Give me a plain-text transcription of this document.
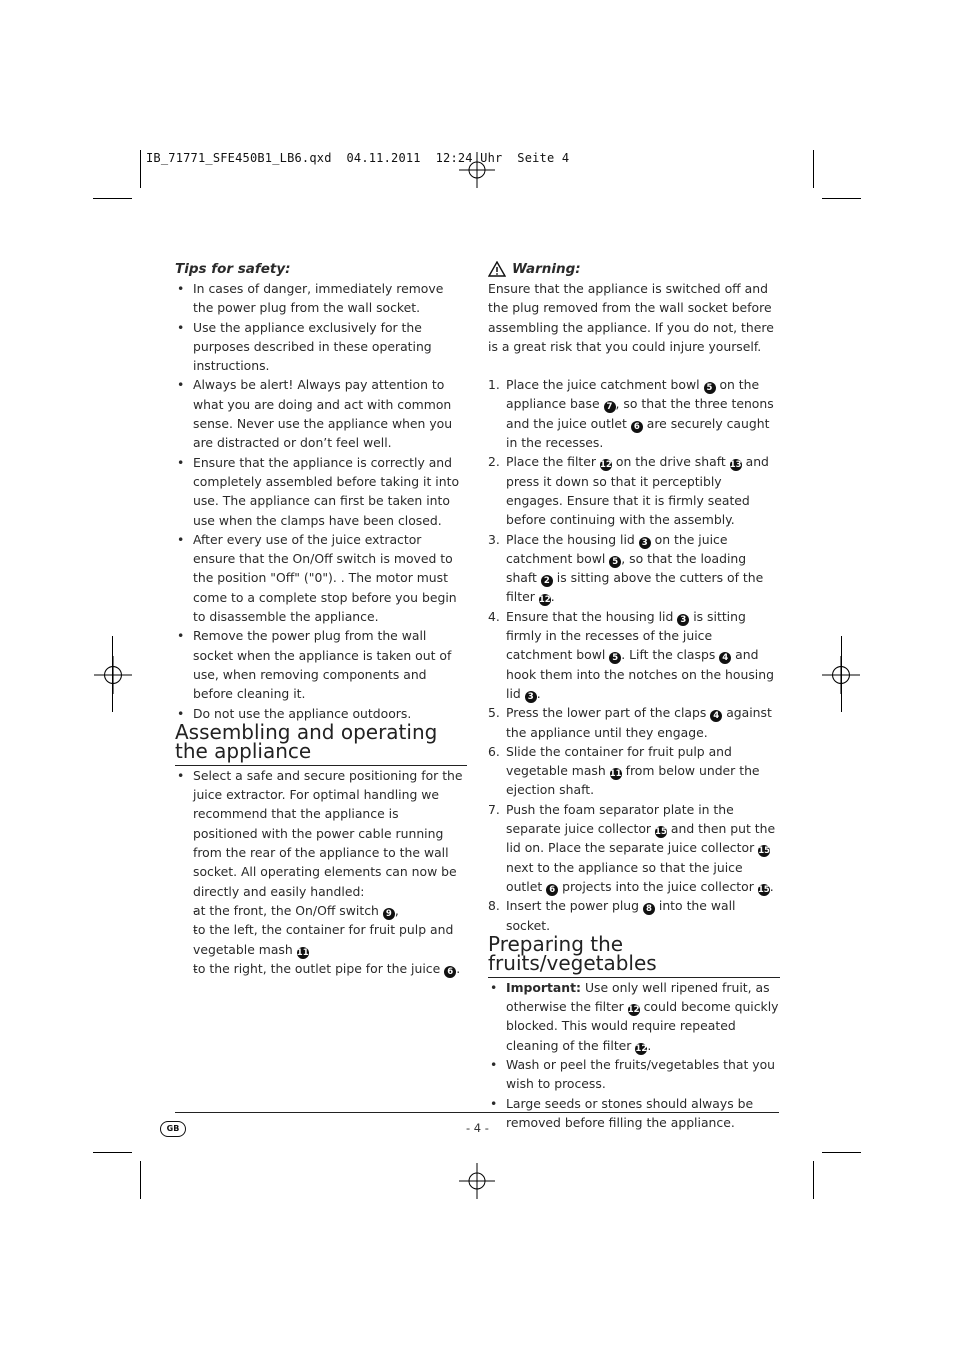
IB_71771_SFE450B1_LB6.qxd 04.11.2011 12:24 Uhr Seite 4
Tips for safety:
• In cases of danger, immediately remove the power plug from the wall socket.
• Use the appliance exclusively for the purposes described in these operating instructions.
• Always be alert! Always pay attention to what you are doing and act with common sense. Never use the appliance when you are distracted or don’t feel well.
• Ensure that the appliance is correctly and completely assembled before taking it into use. The appliance can first be taken into use when the clamps have been closed.
• After every use of the juice extractor ensure that the On/Off switch is moved to the position "Off" ("0"). . The motor must come to a complete stop before you begin to disassemble the appliance.
• Remove the power plug from the wall socket when the appliance is taken out of use, when removing components and before cleaning it.
• Do not use the appliance outdoors.
Assembling and operating the appliance
• Select a safe and secure positioning for the juice extractor. For optimal handling we recommend that the appliance is positioned with the power cable running from the rear of the appliance to the wall socket. All operating elements can now be directly and easily handled:
- at the front, the On/Off switch 9 ,
- to the left, the container for fruit pulp and vegetable mash 11
- to the right, the outlet pipe for the juice 6 .
Warning:

Ensure that the appliance is switched off and the plug removed from the wall socket before assembling the appliance. If you do not, there is a great risk that you could injure yourself.

1. Place the juice catchment bowl 5 on the appliance base 7 , so that the three tenons and the juice outlet 6 are securely caught in the recesses.
2. Place the filter 12 on the drive shaft 13 and press it down so that it perceptibly engages. Ensure that it is firmly seated before continuing with the assembly.
3. Place the housing lid 3 on the juice catchment bowl 5 , so that the loading shaft 2 is sitting above the cutters of the filter 12.
4. Ensure that the housing lid 3 is sitting firmly in the recesses of the juice catchment bowl 5 . Lift the clasps 4 and hook them into the notches on the housing lid 3 .
5. Press the lower part of the claps 4 against the appliance until they engage.
6. Slide the container for fruit pulp and vegetable mash 11 from below under the ejection shaft.
7. Push the foam separator plate in the separate juice collector 15 and then put the lid on. Place the separate juice collector 15 next to the appliance so that the juice outlet 6 projects into the juice collector 15.
8. Insert the power plug 8 into the wall socket.
Preparing the fruits/vegetables
• Important: Use only well ripened fruit, as otherwise the filter 12 could become quickly blocked. This would require repeated cleaning of the filter 12.
• Wash or peel the fruits/vegetables that you wish to process.
• Large seeds or stones should always be removed before filling the appliance.
GB	- 4 -
